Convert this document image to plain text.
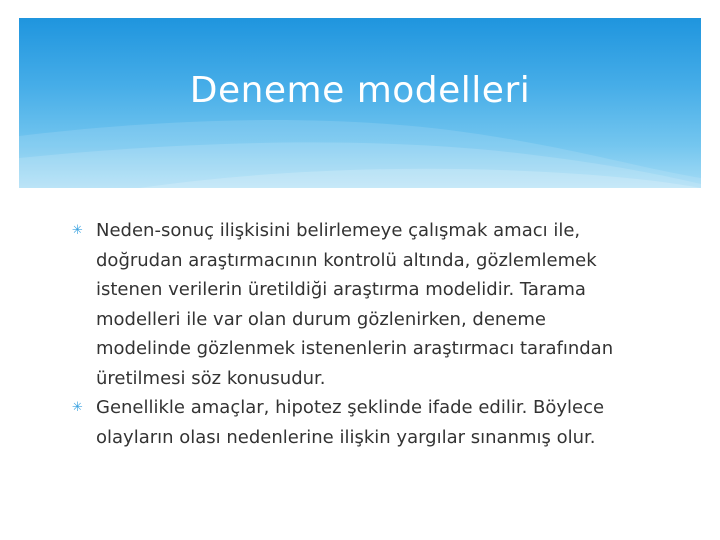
Deneme modelleri
✳ Neden-sonuç ilişkisini belirlemeye çalışmak amacı ile, doğrudan araştırmacının kontrolü altında, gözlemlemek istenen verilerin üretildiği araştırma modelidir. Tarama modelleri ile var olan durum gözlenirken, deneme modelinde gözlenmek istenenlerin araştırmacı tarafından üretilmesi söz konusudur.
✳ Genellikle amaçlar, hipotez şeklinde ifade edilir. Böylece olayların olası nedenlerine ilişkin yargılar sınanmış olur.
